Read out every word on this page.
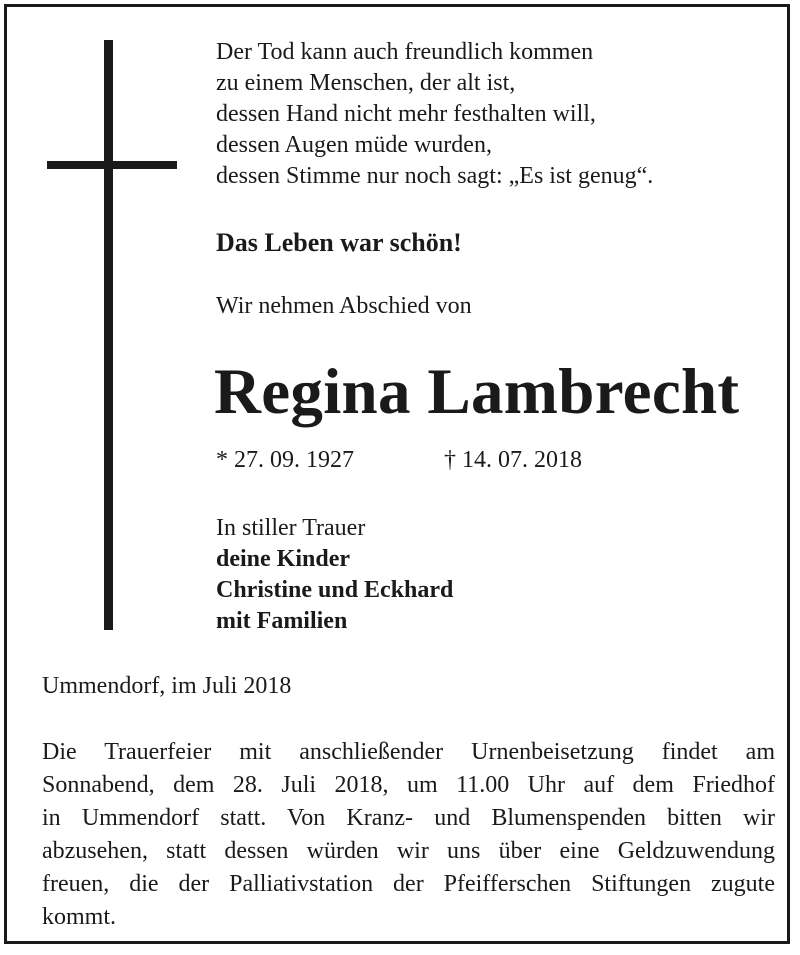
Der Tod kann auch freundlich kommen
zu einem Menschen, der alt ist,
dessen Hand nicht mehr festhalten will,
dessen Augen müde wurden,
dessen Stimme nur noch sagt: „Es ist genug“.
Das Leben war schön!
Wir nehmen Abschied von
Regina Lambrecht
* 27. 09. 1927	† 14. 07. 2018
In stiller Trauer
deine Kinder
Christine und Eckhard
mit Familien
Ummendorf, im Juli 2018
Die Trauerfeier mit anschließender Urnenbeisetzung findet am
Sonnabend, dem 28. Juli 2018, um 11.00 Uhr auf dem Friedhof
in Ummendorf statt. Von Kranz- und Blumenspenden bitten wir
abzusehen, statt dessen würden wir uns über eine Geldzuwendung
freuen, die der Palliativstation der Pfeifferschen Stiftungen zugute
kommt.
